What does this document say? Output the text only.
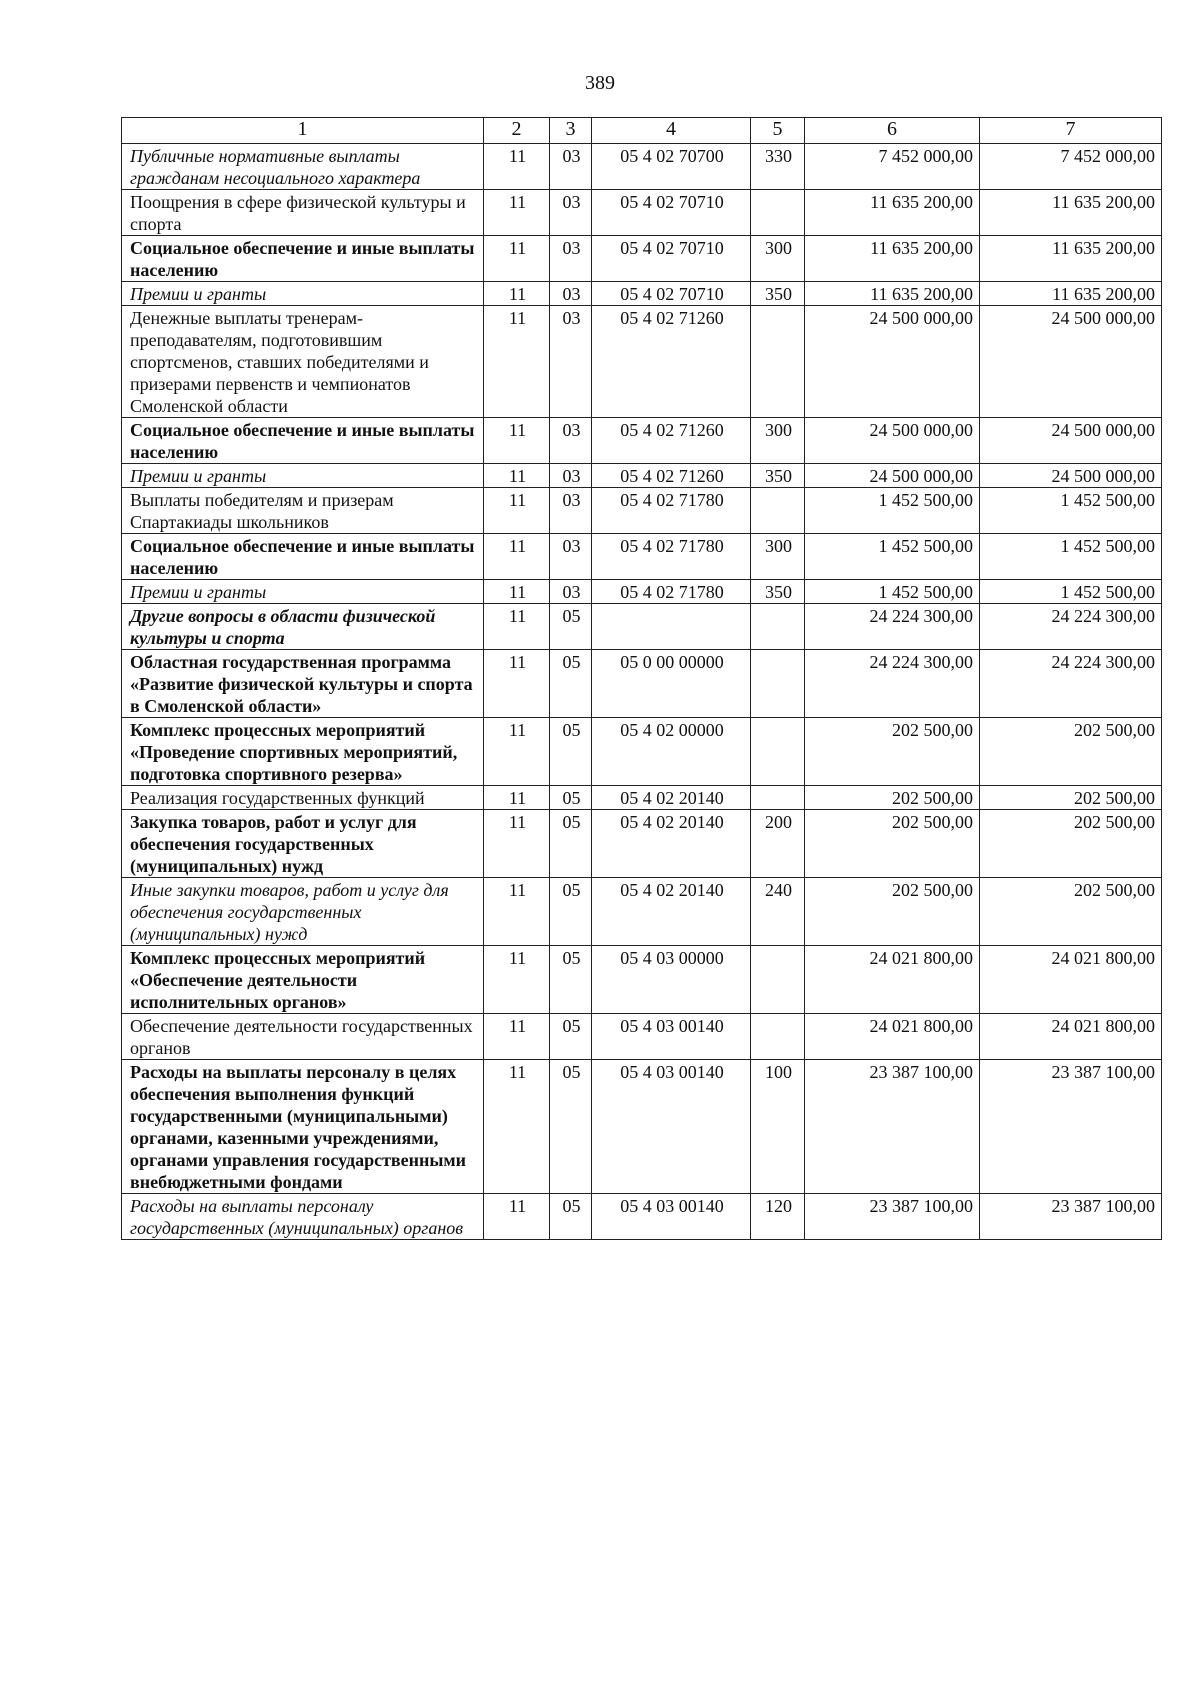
389
1	2	3	4	5	6	7
Публичные нормативные выплаты гражданам несоциального характера	11	03	05 4 02 70700	330	7 452 000,00	7 452 000,00
Поощрения в сфере физической культуры и спорта	11	03	05 4 02 70710		11 635 200,00	11 635 200,00
Социальное обеспечение и иные выплаты населению	11	03	05 4 02 70710	300	11 635 200,00	11 635 200,00
Премии и гранты	11	03	05 4 02 70710	350	11 635 200,00	11 635 200,00
Денежные выплаты тренерам-преподавателям, подготовившим спортсменов, ставших победителями и призерами первенств и чемпионатов Смоленской области	11	03	05 4 02 71260		24 500 000,00	24 500 000,00
Социальное обеспечение и иные выплаты населению	11	03	05 4 02 71260	300	24 500 000,00	24 500 000,00
Премии и гранты	11	03	05 4 02 71260	350	24 500 000,00	24 500 000,00
Выплаты победителям и призерам Спартакиады школьников	11	03	05 4 02 71780		1 452 500,00	1 452 500,00
Социальное обеспечение и иные выплаты населению	11	03	05 4 02 71780	300	1 452 500,00	1 452 500,00
Премии и гранты	11	03	05 4 02 71780	350	1 452 500,00	1 452 500,00
Другие вопросы в области физической культуры и спорта	11	05			24 224 300,00	24 224 300,00
Областная государственная программа «Развитие физической культуры и спорта в Смоленской области»	11	05	05 0 00 00000		24 224 300,00	24 224 300,00
Комплекс процессных мероприятий «Проведение спортивных мероприятий, подготовка спортивного резерва»	11	05	05 4 02 00000		202 500,00	202 500,00
Реализация государственных функций	11	05	05 4 02 20140		202 500,00	202 500,00
Закупка товаров, работ и услуг для обеспечения государственных (муниципальных) нужд	11	05	05 4 02 20140	200	202 500,00	202 500,00
Иные закупки товаров, работ и услуг для обеспечения государственных (муниципальных) нужд	11	05	05 4 02 20140	240	202 500,00	202 500,00
Комплекс процессных мероприятий «Обеспечение деятельности исполнительных органов»	11	05	05 4 03 00000		24 021 800,00	24 021 800,00
Обеспечение деятельности государственных органов	11	05	05 4 03 00140		24 021 800,00	24 021 800,00
Расходы на выплаты персоналу в целях обеспечения выполнения функций государственными (муниципальными) органами, казенными учреждениями, органами управления государственными внебюджетными фондами	11	05	05 4 03 00140	100	23 387 100,00	23 387 100,00
Расходы на выплаты персоналу государственных (муниципальных) органов	11	05	05 4 03 00140	120	23 387 100,00	23 387 100,00
